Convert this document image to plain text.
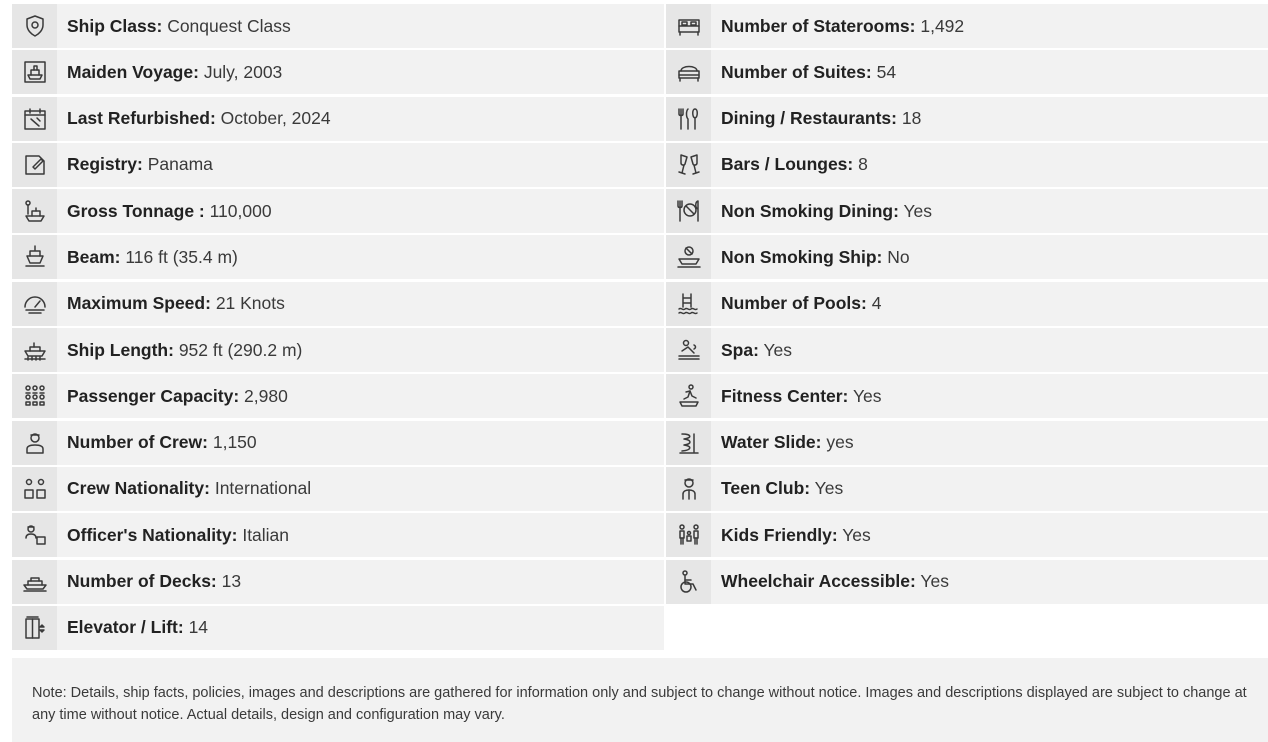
Ship Class: Conquest Class
Maiden Voyage: July, 2003
Last Refurbished: October, 2024
Registry: Panama
Gross Tonnage : 110,000
Beam: 116 ft (35.4 m)
Maximum Speed: 21 Knots
Ship Length: 952 ft (290.2 m)
Passenger Capacity: 2,980
Number of Crew: 1,150
Crew Nationality: International
Officer's Nationality: Italian
Number of Decks: 13
Elevator / Lift: 14
Number of Staterooms: 1,492
Number of Suites: 54
Dining / Restaurants: 18
Bars / Lounges: 8
Non Smoking Dining: Yes
Non Smoking Ship: No
Number of Pools: 4
Spa: Yes
Fitness Center: Yes
Water Slide: yes
Teen Club: Yes
Kids Friendly: Yes
Wheelchair Accessible: Yes
Note: Details, ship facts, policies, images and descriptions are gathered for information only and subject to change without notice. Images and descriptions displayed are subject to change at any time without notice. Actual details, design and configuration may vary.
